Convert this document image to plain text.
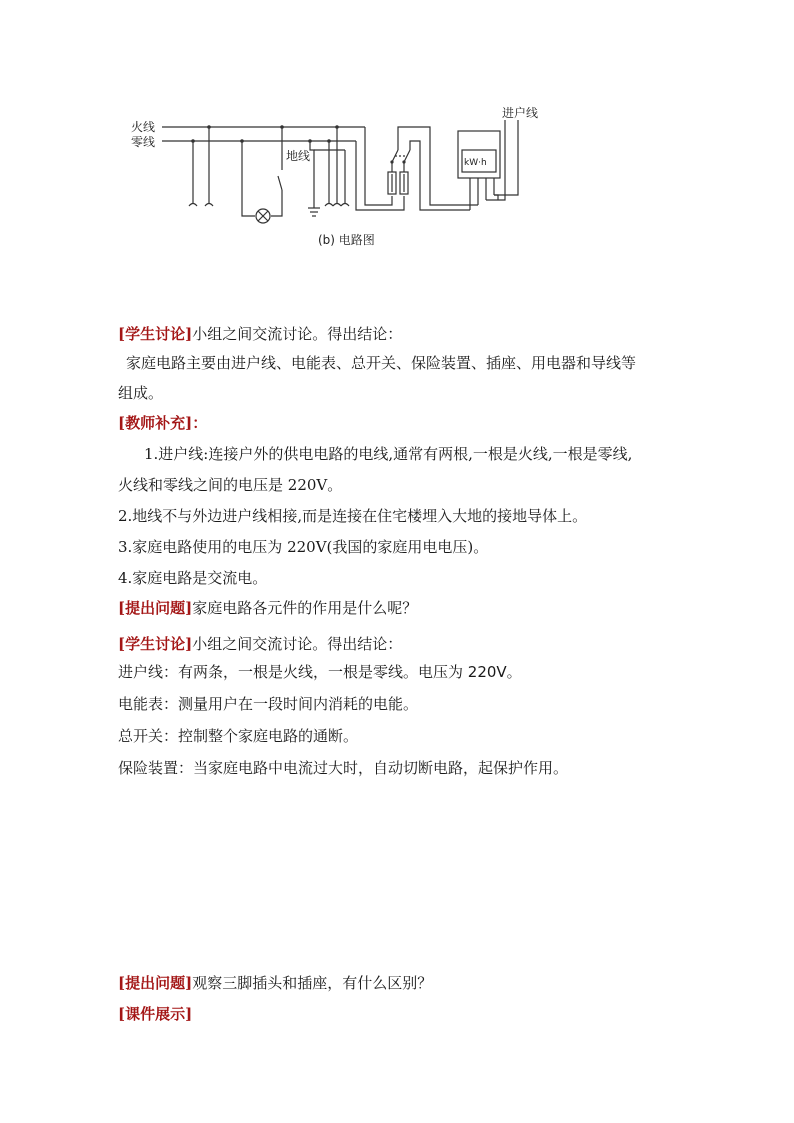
火线
零线
地线
进户线
kW·h
(b) 电路图
[学生讨论]小组之间交流讨论。得出结论：
家庭电路主要由进户线、电能表、总开关、保险装置、插座、用电器和导线等
组成。
[教师补充]：
1.进户线:连接户外的供电电路的电线,通常有两根,一根是火线,一根是零线,
火线和零线之间的电压是 220V。
2.地线不与外边进户线相接,而是连接在住宅楼埋入大地的接地导体上。
3.家庭电路使用的电压为 220V(我国的家庭用电电压)。
4.家庭电路是交流电。
[提出问题]家庭电路各元件的作用是什么呢？
[学生讨论]小组之间交流讨论。得出结论：
进户线：有两条，一根是火线，一根是零线。电压为 220V。
电能表：测量用户在一段时间内消耗的电能。
总开关：控制整个家庭电路的通断。
保险装置：当家庭电路中电流过大时，自动切断电路，起保护作用。
[提出问题]观察三脚插头和插座，有什么区别？
[课件展示]
